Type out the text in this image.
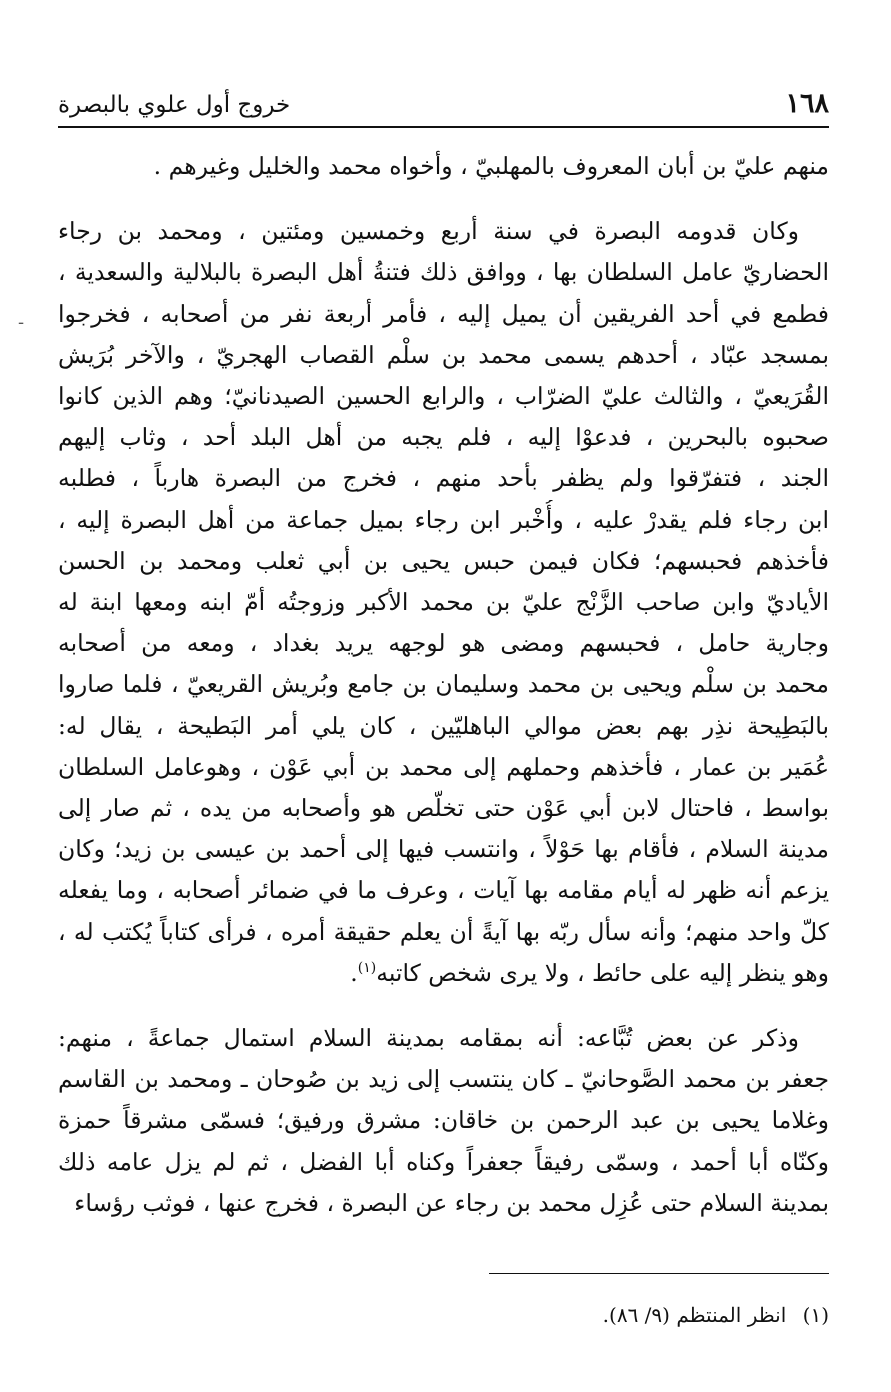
١٦٨
خروج أول علوي بالبصرة
-
منهم عليّ بن أبان المعروف بالمهلبيّ ، وأخواه محمد والخليل وغيرهم .
وكان قدومه البصرة في سنة أربع وخمسين ومئتين ، ومحمد بن رجاء
الحضاريّ عامل السلطان بها ، ووافق ذلك فتنةُ أهل البصرة بالبلالية والسعدية ،
فطمع في أحد الفريقين أن يميل إليه ، فأمر أربعة نفر من أصحابه ، فخرجوا
بمسجد عبّاد ، أحدهم يسمى محمد بن سلْم القصاب الهجريّ ، والآخر بُرَيش
القُرَيعيّ ، والثالث عليّ الضرّاب ، والرابع الحسين الصيدنانيّ؛ وهم الذين كانوا
صحبوه بالبحرين ، فدعوْا إليه ، فلم يجبه من أهل البلد أحد ، وثاب إليهم
الجند ، فتفرّقوا ولم يظفر بأحد منهم ، فخرج من البصرة هارباً ، فطلبه
ابن رجاء فلم يقدرْ عليه ، وأُخْبر ابن رجاء بميل جماعة من أهل البصرة إليه ،
فأخذهم فحبسهم؛ فكان فيمن حبس يحيى بن أبي ثعلب ومحمد بن الحسن
الأياديّ وابن صاحب الزَّنْج عليّ بن محمد الأكبر وزوجتُه أمّ ابنه ومعها ابنة له
وجارية حامل ، فحبسهم ومضى هو لوجهه يريد بغداد ، ومعه من أصحابه
محمد بن سلْم ويحيى بن محمد وسليمان بن جامع وبُريش القريعيّ ، فلما صاروا
بالبَطِيحة نذِر بهم بعض موالي الباهليّين ، كان يلي أمر البَطيحة ، يقال له:
عُمَير بن عمار ، فأخذهم وحملهم إلى محمد بن أبي عَوْن ، وهوعامل السلطان
بواسط ، فاحتال لابن أبي عَوْن حتى تخلّص هو وأصحابه من يده ، ثم صار إلى
مدينة السلام ، فأقام بها حَوْلاً ، وانتسب فيها إلى أحمد بن عيسى بن زيد؛ وكان
يزعم أنه ظهر له أيام مقامه بها آيات ، وعرف ما في ضمائر أصحابه ، وما يفعله
كلّ واحد منهم؛ وأنه سأل ربّه بها آيةً أن يعلم حقيقة أمره ، فرأى كتاباً يُكتب له ،
وهو ينظر إليه على حائط ، ولا يرى شخص كاتبه$^{(١)}$.
وذكر عن بعض تُبَّاعه: أنه بمقامه بمدينة السلام استمال جماعةً ، منهم:
جعفر بن محمد الصَّوحانيّ ـ كان ينتسب إلى زيد بن صُوحان ـ ومحمد بن القاسم
وغلاما يحيى بن عبد الرحمن بن خاقان: مشرق ورفيق؛ فسمّى مشرقاً حمزة
وكنّاه أبا أحمد ، وسمّى رفيقاً جعفراً وكناه أبا الفضل ، ثم لم يزل عامه ذلك
بمدينة السلام حتى عُزِل محمد بن رجاء عن البصرة ، فخرج عنها ، فوثب رؤساء
(١) انظر المنتظم (٩/ ٨٦).
